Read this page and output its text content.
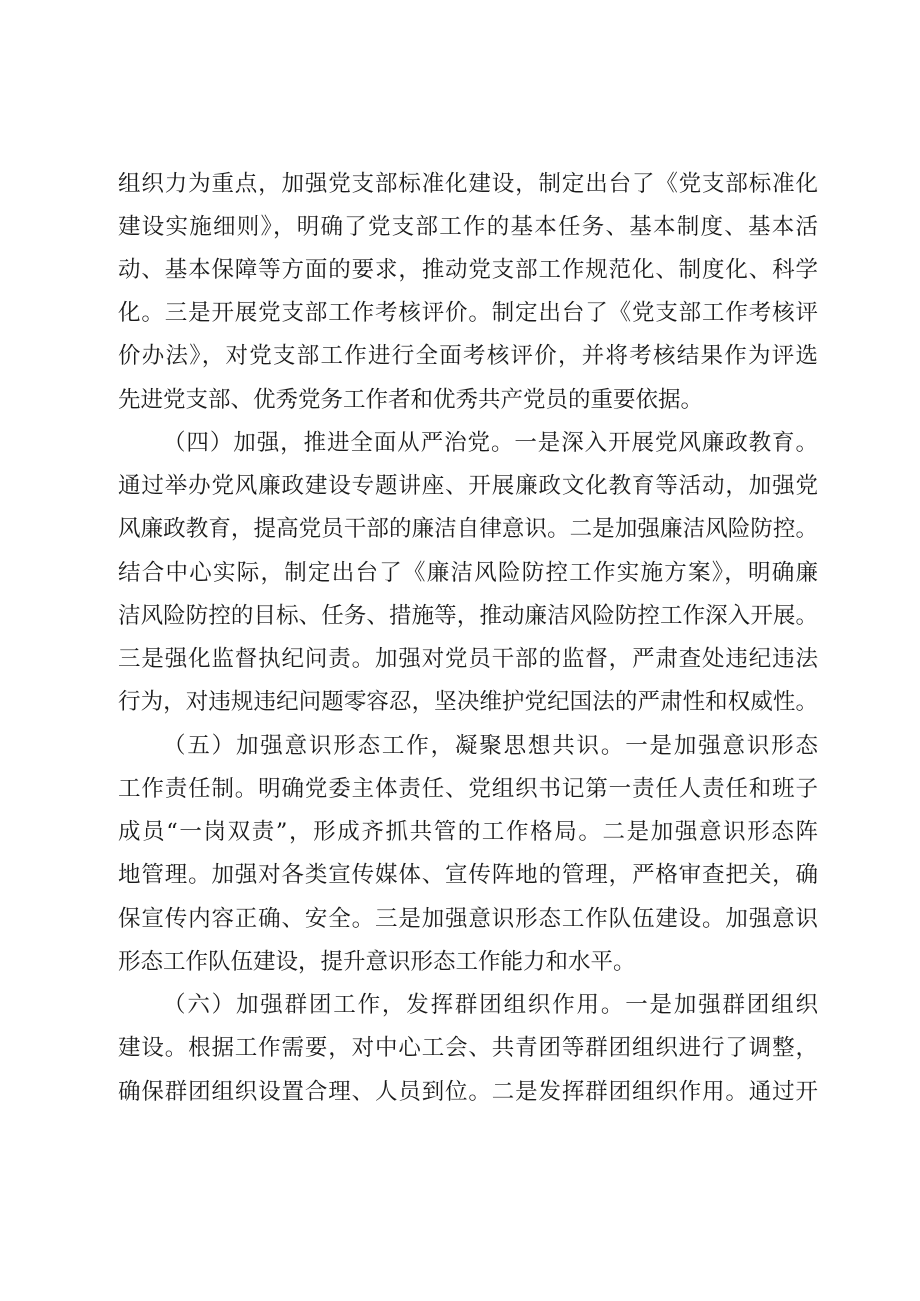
组织力为重点，加强党支部标准化建设，制定出台了《党支部标准化
建设实施细则》，明确了党支部工作的基本任务、基本制度、基本活
动、基本保障等方面的要求，推动党支部工作规范化、制度化、科学
化。三是开展党支部工作考核评价。制定出台了《党支部工作考核评
价办法》，对党支部工作进行全面考核评价，并将考核结果作为评选
先进党支部、优秀党务工作者和优秀共产党员的重要依据。
（四）加强，推进全面从严治党。一是深入开展党风廉政教育。
通过举办党风廉政建设专题讲座、开展廉政文化教育等活动，加强党
风廉政教育，提高党员干部的廉洁自律意识。二是加强廉洁风险防控。
结合中心实际，制定出台了《廉洁风险防控工作实施方案》，明确廉
洁风险防控的目标、任务、措施等，推动廉洁风险防控工作深入开展。
三是强化监督执纪问责。加强对党员干部的监督，严肃查处违纪违法
行为，对违规违纪问题零容忍，坚决维护党纪国法的严肃性和权威性。
（五）加强意识形态工作，凝聚思想共识。一是加强意识形态
工作责任制。明确党委主体责任、党组织书记第一责任人责任和班子
成员“一岗双责”，形成齐抓共管的工作格局。二是加强意识形态阵
地管理。加强对各类宣传媒体、宣传阵地的管理，严格审查把关，确
保宣传内容正确、安全。三是加强意识形态工作队伍建设。加强意识
形态工作队伍建设，提升意识形态工作能力和水平。
（六）加强群团工作，发挥群团组织作用。一是加强群团组织
建设。根据工作需要，对中心工会、共青团等群团组织进行了调整，
确保群团组织设置合理、人员到位。二是发挥群团组织作用。通过开
